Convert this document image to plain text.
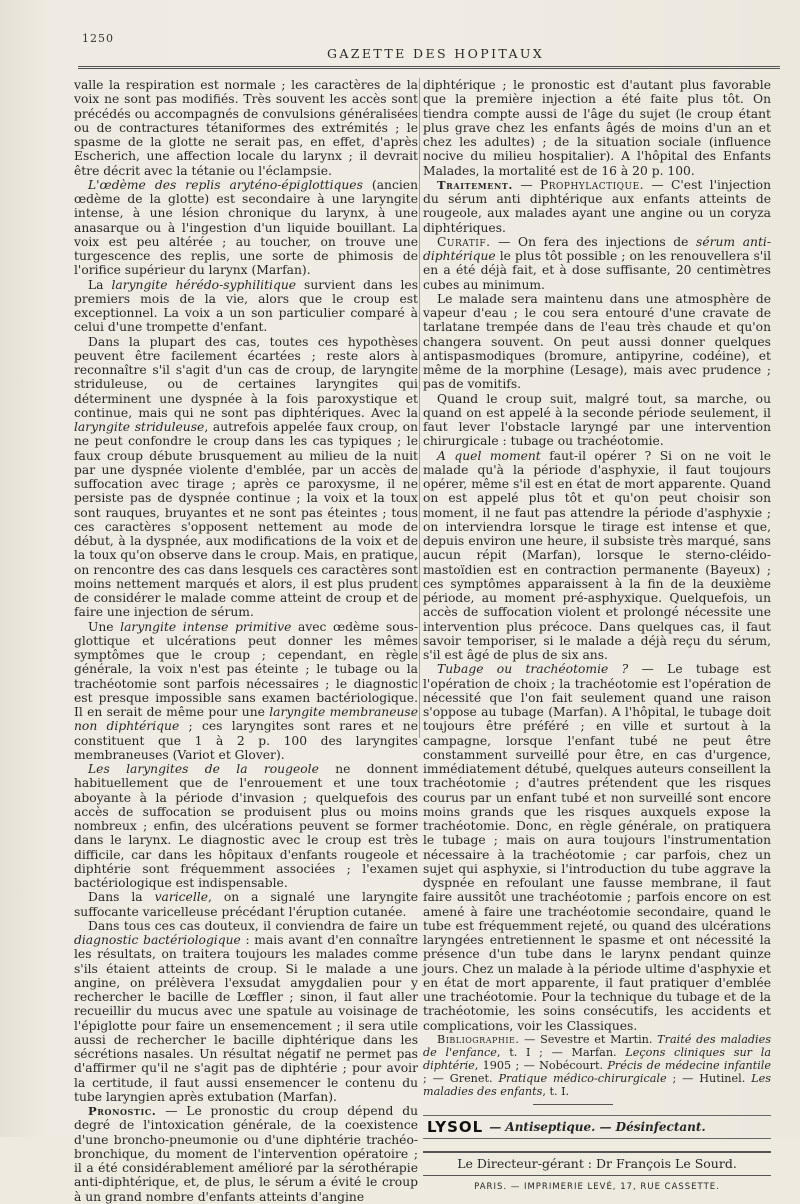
1250
GAZETTE DES HOPITAUX

valle la respiration est normale ; les caractères de la voix ne sont pas modifiés. Très souvent les accès sont précédés ou accompagnés de convulsions généralisées ou de contractures tétaniformes des extrémités ; le spasme de la glotte ne serait pas, en effet, d'après Escherich, une affection locale du larynx ; il devrait être décrit avec la tétanie ou l'éclampsie.

L'œdème des replis aryténo-épiglottiques (ancien œdème de la glotte) est secondaire à une laryngite intense, à une lésion chronique du larynx, à une anasarque ou à l'ingestion d'un liquide bouillant. La voix est peu altérée ; au toucher, on trouve une turgescence des replis, une sorte de phimosis de l'orifice supérieur du larynx (Marfan).

La laryngite hérédo-syphilitique survient dans les premiers mois de la vie, alors que le croup est exceptionnel. La voix a un son particulier comparé à celui d'une trompette d'enfant.

Dans la plupart des cas, toutes ces hypothèses peuvent être facilement écartées ; reste alors à reconnaître s'il s'agit d'un cas de croup, de laryngite striduleuse, ou de certaines laryngites qui déterminent une dyspnée à la fois paroxystique et continue, mais qui ne sont pas diphtériques. Avec la laryngite striduleuse, autrefois appelée faux croup, on ne peut confondre le croup dans les cas typiques ; le faux croup débute brusquement au milieu de la nuit par une dyspnée violente d'emblée, par un accès de suffocation avec tirage ; après ce paroxysme, il ne persiste pas de dyspnée continue ; la voix et la toux sont rauques, bruyantes et ne sont pas éteintes ; tous ces caractères s'opposent nettement au mode de début, à la dyspnée, aux modifications de la voix et de la toux qu'on observe dans le croup. Mais, en pratique, on rencontre des cas dans lesquels ces caractères sont moins nettement marqués et alors, il est plus prudent de considérer le malade comme atteint de croup et de faire une injection de sérum.

Une laryngite intense primitive avec œdème sous-glottique et ulcérations peut donner les mêmes symptômes que le croup ; cependant, en règle générale, la voix n'est pas éteinte ; le tubage ou la trachéotomie sont parfois nécessaires ; le diagnostic est presque impossible sans examen bactériologique. Il en serait de même pour une laryngite membraneuse non diphtérique ; ces laryngites sont rares et ne constituent que 1 à 2 p. 100 des laryngites membraneuses (Variot et Glover).

Les laryngites de la rougeole ne donnent habituellement que de l'enrouement et une toux aboyante à la période d'invasion ; quelquefois des accès de suffocation se produisent plus ou moins nombreux ; enfin, des ulcérations peuvent se former dans le larynx. Le diagnostic avec le croup est très difficile, car dans les hôpitaux d'enfants rougeole et diphtérie sont fréquemment associées ; l'examen bactériologique est indispensable.

Dans la varicelle, on a signalé une laryngite suffocante varicelleuse précédant l'éruption cutanée.

Dans tous ces cas douteux, il conviendra de faire un diagnostic bactériologique : mais avant d'en connaître les résultats, on traitera toujours les malades comme s'ils étaient atteints de croup. Si le malade a une angine, on prélèvera l'exsudat amygdalien pour y rechercher le bacille de Lœffler ; sinon, il faut aller recueillir du mucus avec une spatule au voisinage de l'épiglotte pour faire un ensemencement ; il sera utile aussi de rechercher le bacille diphtérique dans les sécrétions nasales. Un résultat négatif ne permet pas d'affirmer qu'il ne s'agit pas de diphtérie ; pour avoir la certitude, il faut aussi ensemencer le contenu du tube laryngien après extubation (Marfan).

Pronostic. — Le pronostic du croup dépend du degré de l'intoxication générale, de la coexistence d'une broncho-pneumonie ou d'une diphtérie trachéo-bronchique, du moment de l'intervention opératoire ; il a été considérablement amélioré par la sérothérapie anti-diphtérique, et, de plus, le sérum a évité le croup à un grand nombre d'enfants atteints d'angine

diphtérique ; le pronostic est d'autant plus favorable que la première injection a été faite plus tôt. On tiendra compte aussi de l'âge du sujet (le croup étant plus grave chez les enfants âgés de moins d'un an et chez les adultes) ; de la situation sociale (influence nocive du milieu hospitalier). A l'hôpital des Enfants Malades, la mortalité est de 16 à 20 p. 100.

Traitement. — Prophylactique. — C'est l'injection du sérum anti diphtérique aux enfants atteints de rougeole, aux malades ayant une angine ou un coryza diphtériques.

Curatif. — On fera des injections de sérum anti-diphtérique le plus tôt possible ; on les renouvellera s'il en a été déjà fait, et à dose suffisante, 20 centimètres cubes au minimum.

Le malade sera maintenu dans une atmosphère de vapeur d'eau ; le cou sera entouré d'une cravate de tarlatane trempée dans de l'eau très chaude et qu'on changera souvent. On peut aussi donner quelques antispasmodiques (bromure, antipyrine, codéine), et même de la morphine (Lesage), mais avec prudence ; pas de vomitifs.

Quand le croup suit, malgré tout, sa marche, ou quand on est appelé à la seconde période seulement, il faut lever l'obstacle laryngé par une intervention chirurgicale : tubage ou trachéotomie.

A quel moment faut-il opérer ? Si on ne voit le malade qu'à la période d'asphyxie, il faut toujours opérer, même s'il est en état de mort apparente. Quand on est appelé plus tôt et qu'on peut choisir son moment, il ne faut pas attendre la période d'asphyxie ; on interviendra lorsque le tirage est intense et que, depuis environ une heure, il subsiste très marqué, sans aucun répit (Marfan), lorsque le sterno-cléido-mastoïdien est en contraction permanente (Bayeux) ; ces symptômes apparaissent à la fin de la deuxième période, au moment pré-asphyxique. Quelquefois, un accès de suffocation violent et prolongé nécessite une intervention plus précoce. Dans quelques cas, il faut savoir temporiser, si le malade a déjà reçu du sérum, s'il est âgé de plus de six ans.

Tubage ou trachéotomie ? — Le tubage est l'opération de choix ; la trachéotomie est l'opération de nécessité que l'on fait seulement quand une raison s'oppose au tubage (Marfan). A l'hôpital, le tubage doit toujours être préféré ; en ville et surtout à la campagne, lorsque l'enfant tubé ne peut être constamment surveillé pour être, en cas d'urgence, immédiatement détubé, quelques auteurs conseillent la trachéotomie ; d'autres prétendent que les risques courus par un enfant tubé et non surveillé sont encore moins grands que les risques auxquels expose la trachéotomie. Donc, en règle générale, on pratiquera le tubage ; mais on aura toujours l'instrumentation nécessaire à la trachéotomie ; car parfois, chez un sujet qui asphyxie, si l'introduction du tube aggrave la dyspnée en refoulant une fausse membrane, il faut faire aussitôt une trachéotomie ; parfois encore on est amené à faire une trachéotomie secondaire, quand le tube est fréquemment rejeté, ou quand des ulcérations laryngées entretiennent le spasme et ont nécessité la présence d'un tube dans le larynx pendant quinze jours. Chez un malade à la période ultime d'asphyxie et en état de mort apparente, il faut pratiquer d'emblée une trachéotomie. Pour la technique du tubage et de la trachéotomie, les soins consécutifs, les accidents et complications, voir les Classiques.

Bibliographie. — Sevestre et Martin. Traité des maladies de l'enfance, t. I ; — Marfan. Leçons cliniques sur la diphtérie, 1905 ; — Nobécourt. Précis de médecine infantile ; — Grenet. Pratique médico-chirurgicale ; — Hutinel. Les maladies des enfants, t. I.

LYSOL — Antiseptique. — Désinfectant.
Le Directeur-gérant : Dr François Le Sourd.
PARIS. — IMPRIMERIE LEVÉ, 17, RUE CASSETTE.
